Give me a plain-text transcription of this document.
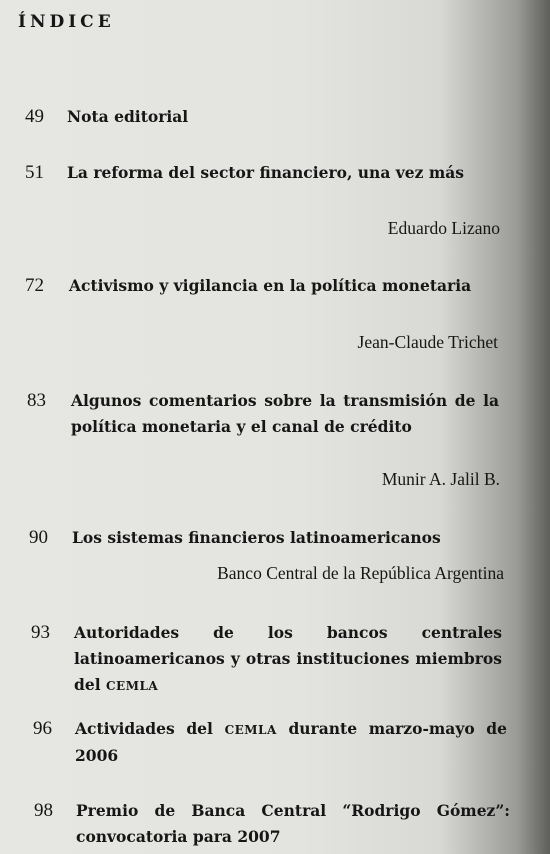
ÍNDICE
49 Nota editorial
51 La reforma del sector financiero, una vez más
Eduardo Lizano
72 Activismo y vigilancia en la política monetaria
Jean-Claude Trichet
83 Algunos comentarios sobre la transmisión de la política monetaria y el canal de crédito
Munir A. Jalil B.
90 Los sistemas financieros latinoamericanos
Banco Central de la República Argentina
93 Autoridades de los bancos centrales latinoamericanos y otras instituciones miembros del CEMLA
96 Actividades del CEMLA durante marzo-mayo de 2006
98 Premio de Banca Central “Rodrigo Gómez”: convocatoria para 2007
